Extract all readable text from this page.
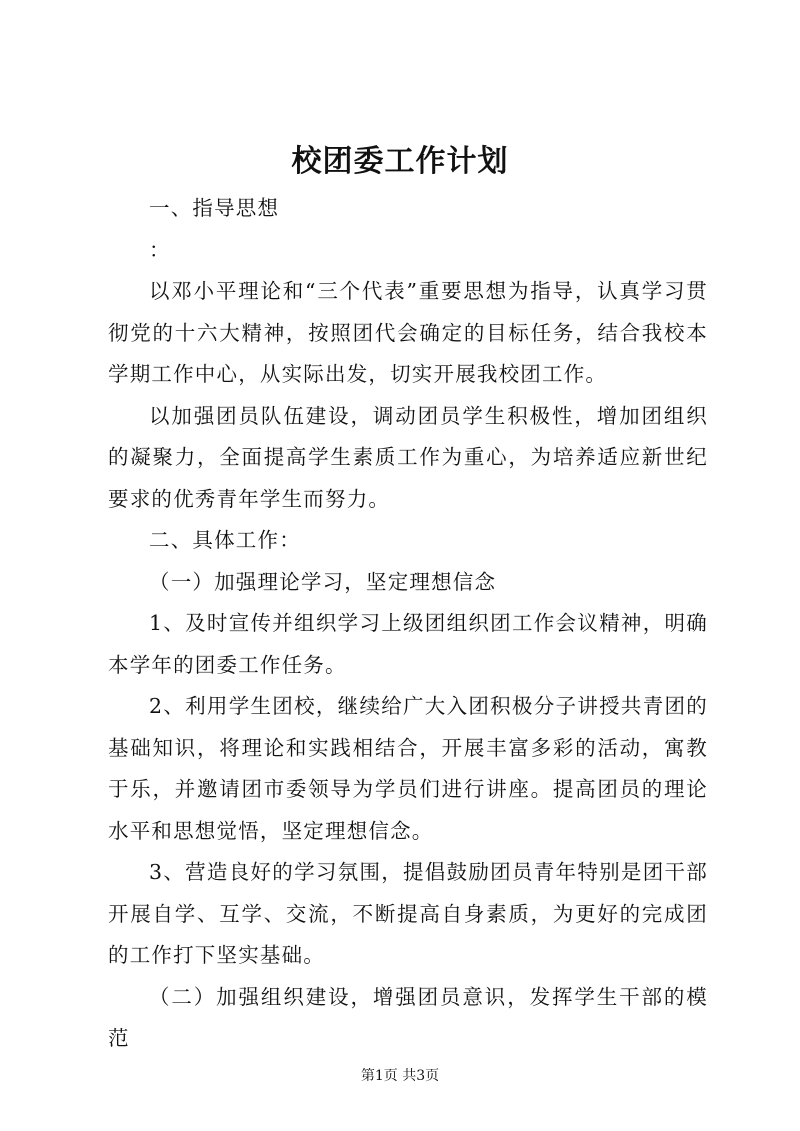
校团委工作计划

一、指导思想

：

以邓小平理论和“三个代表”重要思想为指导，认真学习贯彻党的十六大精神，按照团代会确定的目标任务，结合我校本学期工作中心，从实际出发，切实开展我校团工作。

以加强团员队伍建设，调动团员学生积极性，增加团组织的凝聚力，全面提高学生素质工作为重心，为培养适应新世纪要求的优秀青年学生而努力。

二、具体工作：

（一）加强理论学习，坚定理想信念

1、及时宣传并组织学习上级团组织团工作会议精神，明确本学年的团委工作任务。

2、利用学生团校，继续给广大入团积极分子讲授共青团的基础知识，将理论和实践相结合，开展丰富多彩的活动，寓教于乐，并邀请团市委领导为学员们进行讲座。提高团员的理论水平和思想觉悟，坚定理想信念。

3、营造良好的学习氛围，提倡鼓励团员青年特别是团干部开展自学、互学、交流，不断提高自身素质，为更好的完成团的工作打下坚实基础。

（二）加强组织建设，增强团员意识，发挥学生干部的模范

第1页 共3页
